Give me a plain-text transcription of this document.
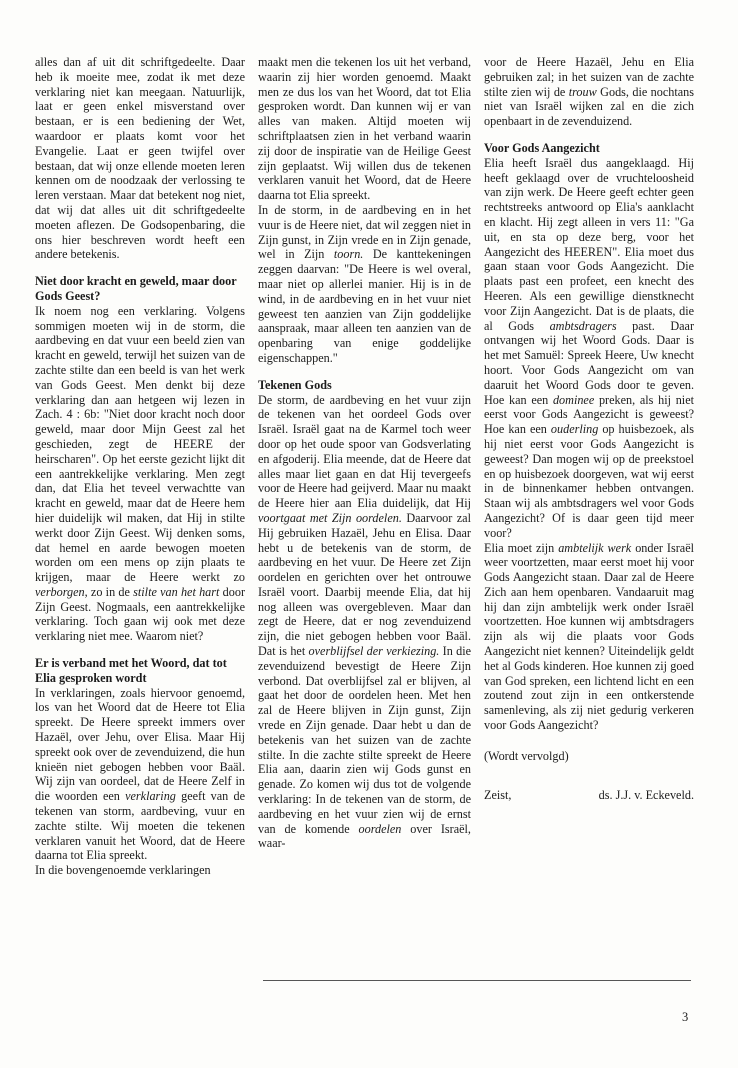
alles dan af uit dit schriftgedeelte. Daar heb ik moeite mee, zodat ik met deze verklaring niet kan meegaan. Natuurlijk, laat er geen enkel misverstand over bestaan, er is een bediening der Wet, waardoor er plaats komt voor het Evangelie. Laat er geen twijfel over bestaan, dat wij onze ellende moeten leren kennen om de noodzaak der verlossing te leren verstaan. Maar dat betekent nog niet, dat wij dat alles uit dit schriftgedeelte moeten aflezen. De Godsopenbaring, die ons hier beschreven wordt heeft een andere betekenis.

Niet door kracht en geweld, maar door Gods Geest?

Ik noem nog een verklaring. Volgens sommigen moeten wij in de storm, die aardbeving en dat vuur een beeld zien van kracht en geweld, terwijl het suizen van de zachte stilte dan een beeld is van het werk van Gods Geest. Men denkt bij deze verklaring dan aan hetgeen wij lezen in Zach. 4 : 6b: "Niet door kracht noch door geweld, maar door Mijn Geest zal het geschieden, zegt de HEERE der heirscharen". Op het eerste gezicht lijkt dit een aantrekkelijke verklaring. Men zegt dan, dat Elia het teveel verwachtte van kracht en geweld, maar dat de Heere hem hier duidelijk wil maken, dat Hij in stilte werkt door Zijn Geest. Wij denken soms, dat hemel en aarde bewogen moeten worden om een mens op zijn plaats te krijgen, maar de Heere werkt zo verborgen, zo in de stilte van het hart door Zijn Geest. Nogmaals, een aantrekkelijke verklaring. Toch gaan wij ook met deze verklaring niet mee. Waarom niet?

Er is verband met het Woord, dat tot Elia gesproken wordt

In verklaringen, zoals hiervoor genoemd, los van het Woord dat de Heere tot Elia spreekt. De Heere spreekt immers over Hazaël, over Jehu, over Elisa. Maar Hij spreekt ook over de zevenduizend, die hun knieën niet gebogen hebben voor Baäl. Wij zijn van oordeel, dat de Heere Zelf in die woorden een verklaring geeft van de tekenen van storm, aardbeving, vuur en zachte stilte. Wij moeten die tekenen verklaren vanuit het Woord, dat de Heere daarna tot Elia spreekt.

In die bovengenoemde verklaringen

maakt men die tekenen los uit het verband, waarin zij hier worden genoemd. Maakt men ze dus los van het Woord, dat tot Elia gesproken wordt. Dan kunnen wij er van alles van maken. Altijd moeten wij schriftplaatsen zien in het verband waarin zij door de inspiratie van de Heilige Geest zijn geplaatst. Wij willen dus de tekenen verklaren vanuit het Woord, dat de Heere daarna tot Elia spreekt.

In de storm, in de aardbeving en in het vuur is de Heere niet, dat wil zeggen niet in Zijn gunst, in Zijn vrede en in Zijn genade, wel in Zijn toorn. De kanttekeningen zeggen daarvan: "De Heere is wel overal, maar niet op allerlei manier. Hij is in de wind, in de aardbeving en in het vuur niet geweest ten aanzien van Zijn goddelijke aanspraak, maar alleen ten aanzien van de openbaring van enige goddelijke eigenschappen."

Tekenen Gods

De storm, de aardbeving en het vuur zijn de tekenen van het oordeel Gods over Israël. Israël gaat na de Karmel toch weer door op het oude spoor van Godsverlating en afgoderij. Elia meende, dat de Heere dat alles maar liet gaan en dat Hij tevergeefs voor de Heere had geijverd. Maar nu maakt de Heere hier aan Elia duidelijk, dat Hij voortgaat met Zijn oordelen. Daarvoor zal Hij gebruiken Hazaël, Jehu en Elisa. Daar hebt u de betekenis van de storm, de aardbeving en het vuur. De Heere zet Zijn oordelen en gerichten over het ontrouwe Israël voort. Daarbij meende Elia, dat hij nog alleen was overgebleven. Maar dan zegt de Heere, dat er nog zevenduizend zijn, die niet gebogen hebben voor Baäl. Dat is het overblijfsel der verkiezing. In die zevenduizend bevestigt de Heere Zijn verbond. Dat overblijfsel zal er blijven, al gaat het door de oordelen heen. Met hen zal de Heere blijven in Zijn gunst, Zijn vrede en Zijn genade. Daar hebt u dan de betekenis van het suizen van de zachte stilte. In die zachte stilte spreekt de Heere Elia aan, daarin zien wij Gods gunst en genade. Zo komen wij dus tot de volgende verklaring: In de tekenen van de storm, de aardbeving en het vuur zien wij de ernst van de komende oordelen over Israël, waar-

voor de Heere Hazaël, Jehu en Elia gebruiken zal; in het suizen van de zachte stilte zien wij de trouw Gods, die nochtans niet van Israël wijken zal en die zich openbaart in de zevenduizend.

Voor Gods Aangezicht

Elia heeft Israël dus aangeklaagd. Hij heeft geklaagd over de vruchteloosheid van zijn werk. De Heere geeft echter geen rechtstreeks antwoord op Elia's aanklacht en klacht. Hij zegt alleen in vers 11: "Ga uit, en sta op deze berg, voor het Aangezicht des HEEREN". Elia moet dus gaan staan voor Gods Aangezicht. Die plaats past een profeet, een knecht des Heeren. Als een gewillige dienstknecht voor Zijn Aangezicht. Dat is de plaats, die al Gods ambtsdragers past. Daar ontvangen wij het Woord Gods. Daar is het met Samuël: Spreek Heere, Uw knecht hoort. Voor Gods Aangezicht om van daaruit het Woord Gods door te geven. Hoe kan een dominee preken, als hij niet eerst voor Gods Aangezicht is geweest? Hoe kan een ouderling op huisbezoek, als hij niet eerst voor Gods Aangezicht is geweest? Dan mogen wij op de preekstoel en op huisbezoek doorgeven, wat wij eerst in de binnenkamer hebben ontvangen. Staan wij als ambtsdragers wel voor Gods Aangezicht? Of is daar geen tijd meer voor?

Elia moet zijn ambtelijk werk onder Israël weer voortzetten, maar eerst moet hij voor Gods Aangezicht staan. Daar zal de Heere Zich aan hem openbaren. Vandaaruit mag hij dan zijn ambtelijk werk onder Israël voortzetten. Hoe kunnen wij ambtsdragers zijn als wij die plaats voor Gods Aangezicht niet kennen? Uiteindelijk geldt het al Gods kinderen. Hoe kunnen zij goed van God spreken, een lichtend licht en een zoutend zout zijn in een ontkerstende samenleving, als zij niet gedurig verkeren voor Gods Aangezicht?

(Wordt vervolgd)

Zeist,	ds. J.J. v. Eckeveld.

3
